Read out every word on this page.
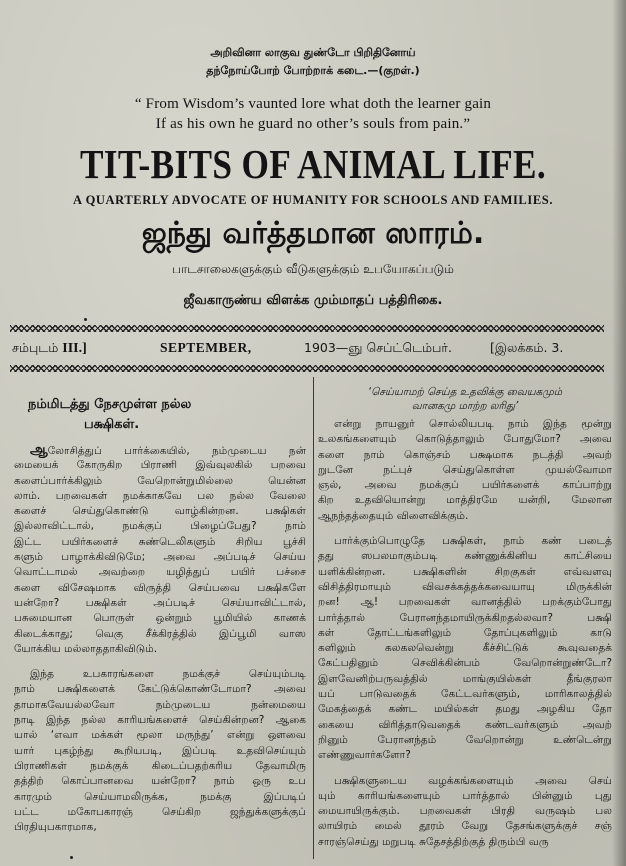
அறிவினா லாகுவ துண்டோ பிறிதினோய்
தந்நோய்போற் போற்றாக் கடை.—(குறள்.)
“ From Wisdom’s vaunted lore what doth the learner gain
If as his own he guard no other’s souls from pain.”
TIT-BITS OF ANIMAL LIFE.
A QUARTERLY ADVOCATE OF HUMANITY FOR SCHOOLS AND FAMILIES.
ஜந்து வர்த்தமான ஸாரம்.
பாடசாலைகளுக்கும் வீடுகளுக்கும் உபயோகப்படும்
ஜீவகாருண்ய விளக்க மும்மாதப் பத்திரிகை.
சம்புடம் III.]	SEPTEMBER,	1903—ஞு செப்ட்டெம்பர்.	[இலக்கம். 3.
நம்மிடத்து நேசமுள்ள நல்ல
பக்ஷிகள்.
ஆலோசித்துப் பார்க்கையில், நம்முடைய நன்
மையைக் கோருகிற பிராணி இவ்வுலகில் பறவை
களைப்பார்க்கிலும் வேறொன்றுமில்லை யென்ன
லாம். பறவைகள் நமக்காகவே பல நல்ல வேலை
களைச் செய்துகொண்டு வாழ்கின்றன. பக்ஷிகள்
இல்லாவிட்டால், நமக்குப் பிழைப்பேது? நாம்
இட்ட பயிர்களைச் சுண்டெலிகளும் சிறிய பூச்சி
களும் பாழாக்கிவிடுமே; அவை அப்படிச் செய்ய
வொட்டாமல் அவற்றை யழித்துப் பயிர் பச்சை
களை விசேஷமாக விருத்தி செய்பவை பக்ஷிகளே
யன்றோ? பக்ஷிகள் அப்படிச் செய்யாவிட்டால்,
பசுமையான பொருள் ஒன்றும் பூமியில் காணக்
கிடைக்காது; வெகு சீக்கிரத்தில் இப்பூமி வாஸ
யோக்கிய மல்லாததாகிவிடும்.
இந்த உபகாரங்களை நமக்குச் செய்யும்படி
நாம் பக்ஷிகளைக் கேட்டுக்கொண்டோமா? அவை
தாமாகவேயல்லவோ நம்முடைய நன்மையை
நாடி இந்த நல்ல காரியங்களைச் செய்கின்றன? ஆகை
யால் ‘எவா மக்கள் மூலா மருந்து’ என்று ஔவை
யார் புகழ்ந்து கூறியபடி, இப்படி உதவிசெய்யும்
பிராணிகள் நமக்குக் கிடைப்பதற்கரிய தேவாமிரு
தத்திற் கொப்பானவை யன்றோ? நாம் ஒரு உப
காரமும் செய்யாமலிருக்க, நமக்கு இப்படிப்
பட்ட மகோபகாரஞ் செய்கிற ஜந்துக்களுக்குப்
பிரதியுபகாரமாக,
‘செய்யாமற் செய்த உதவிக்கு வையகமும்
வானகமு மாற்ற லரிது’
என்று நாயனுர் சொல்லியபடி நாம் இந்த மூன்று
உலகங்களையும் கொடுத்தாலும் போதுமோ? அவை
களை நாம் கொஞ்சம் பக்ஷமாக நடத்தி அவற்
றுடனே நட்புச் செய்துகொள்ள முயல்வோமா
ஞல், அவை நமக்குப் பயிர்களைக் காப்பாற்று
கிற உதவியொன்று மாத்திரமே யன்றி, மேலான
ஆநந்தத்தையும் விளைவிக்கும்.
பார்க்கும்பொழுதே பக்ஷிகள், நாம் கண் படைத்
தது ஸபலமாகும்படி கண்ணுக்கினிய காட்சியை
யளிக்கின்றன. பக்ஷிகளின் சிறகுகள் எவ்வளவு
விசித்திரமாயும் விவசக்கத்தக்கவையாயு மிருக்கின்
றன! ஆ! பறவைகள் வானத்தில் பறக்கும்போது
பார்த்தால் பேரானந்தமாயிருக்கிறதல்லவா? பக்ஷி
கள் தோட்டங்களிலும் தோப்புகளிலும் காடு
களிலும் கலகலவென்று கீச்சிட்டுக் கூவுவதைக்
கேட்பதினும் செவிக்கின்பம் வேறொன்றுண்டோ?
இளவேனிற்பருவத்தில் மாங்குயில்கள் தீங்குரலா
யப் பாடுவதைக் கேட்டவர்களும், மாரிகாலத்தில்
மேகத்தைக் கண்ட மயில்கள் தமது அழகிய தோ
கையை விரித்தாடுவதைக் கண்டவர்களும் அவற்
றினும் பேரானந்தம் வேறொன்று உண்டென்று
எண்ணுவார்களோ?
பக்ஷிகளுடைய வழக்கங்களையும் அவை செய்
யும் காரியங்களையும் பார்த்தால் பின்னும் புது
மையாயிருக்கும். பறவைகள் பிரதி வருஷம் பல
லாயிரம் மைல் தூரம் வேறு தேசங்களுக்குச் சஞ்
சாரஞ்செய்து மறுபடி சுதேசத்திற்குத் திரும்பி வரு
